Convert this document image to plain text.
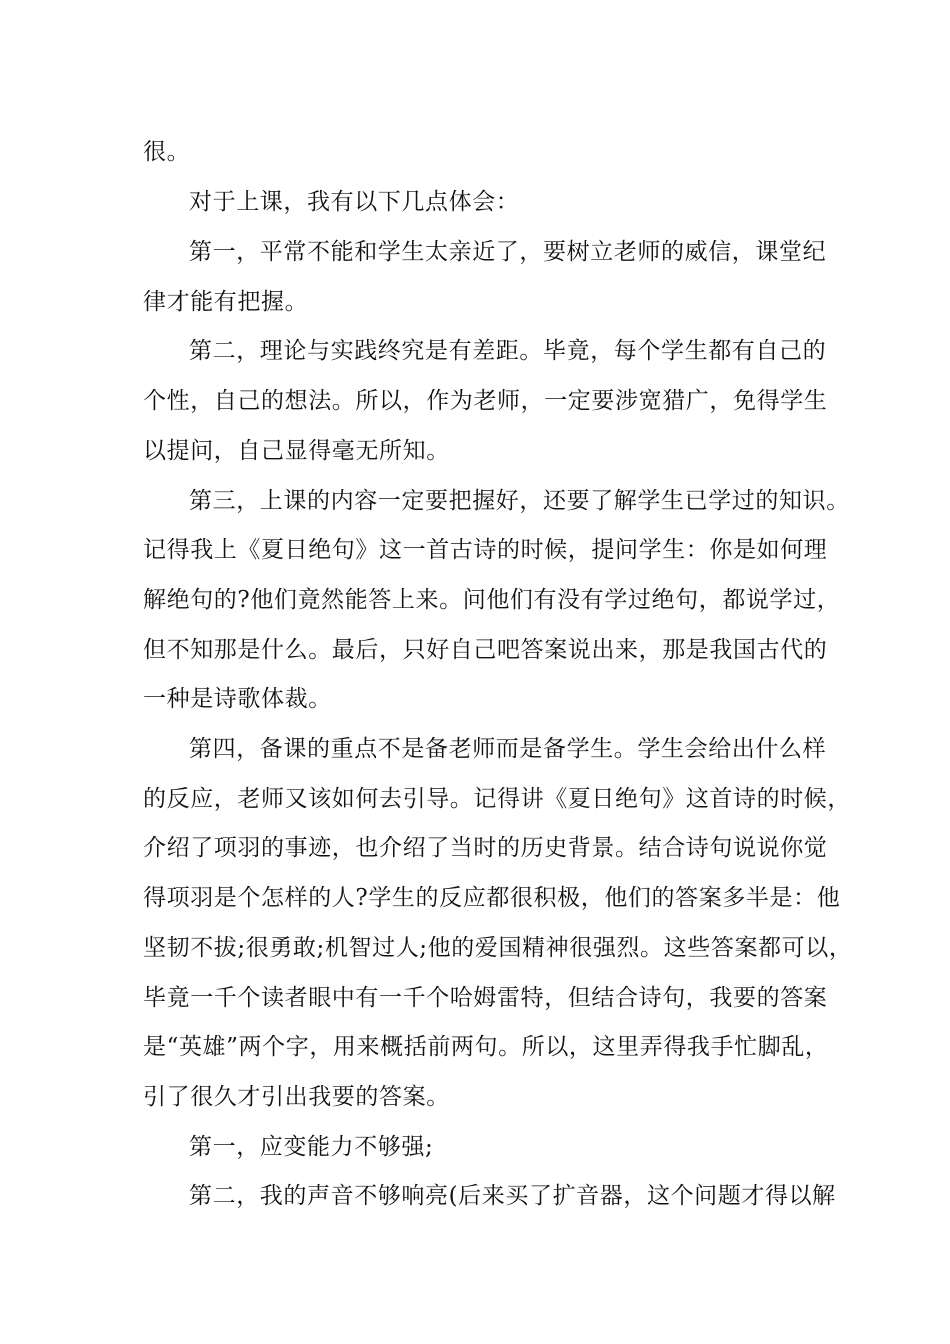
很。

对于上课，我有以下几点体会：

第一，平常不能和学生太亲近了，要树立老师的威信，课堂纪

律才能有把握。

第二，理论与实践终究是有差距。毕竟，每个学生都有自己的

个性，自己的想法。所以，作为老师，一定要涉宽猎广，免得学生

以提问，自己显得毫无所知。

第三，上课的内容一定要把握好，还要了解学生已学过的知识。

记得我上《夏日绝句》这一首古诗的时候，提问学生：你是如何理

解绝句的?他们竟然能答上来。问他们有没有学过绝句，都说学过，

但不知那是什么。最后，只好自己吧答案说出来，那是我国古代的

一种是诗歌体裁。

第四，备课的重点不是备老师而是备学生。学生会给出什么样

的反应，老师又该如何去引导。记得讲《夏日绝句》这首诗的时候，

介绍了项羽的事迹，也介绍了当时的历史背景。结合诗句说说你觉

得项羽是个怎样的人?学生的反应都很积极，他们的答案多半是：他

坚韧不拔;很勇敢;机智过人;他的爱国精神很强烈。这些答案都可以，

毕竟一千个读者眼中有一千个哈姆雷特，但结合诗句，我要的答案

是“英雄”两个字，用来概括前两句。所以，这里弄得我手忙脚乱，

引了很久才引出我要的答案。

第一，应变能力不够强;

第二，我的声音不够响亮(后来买了扩音器，这个问题才得以解
